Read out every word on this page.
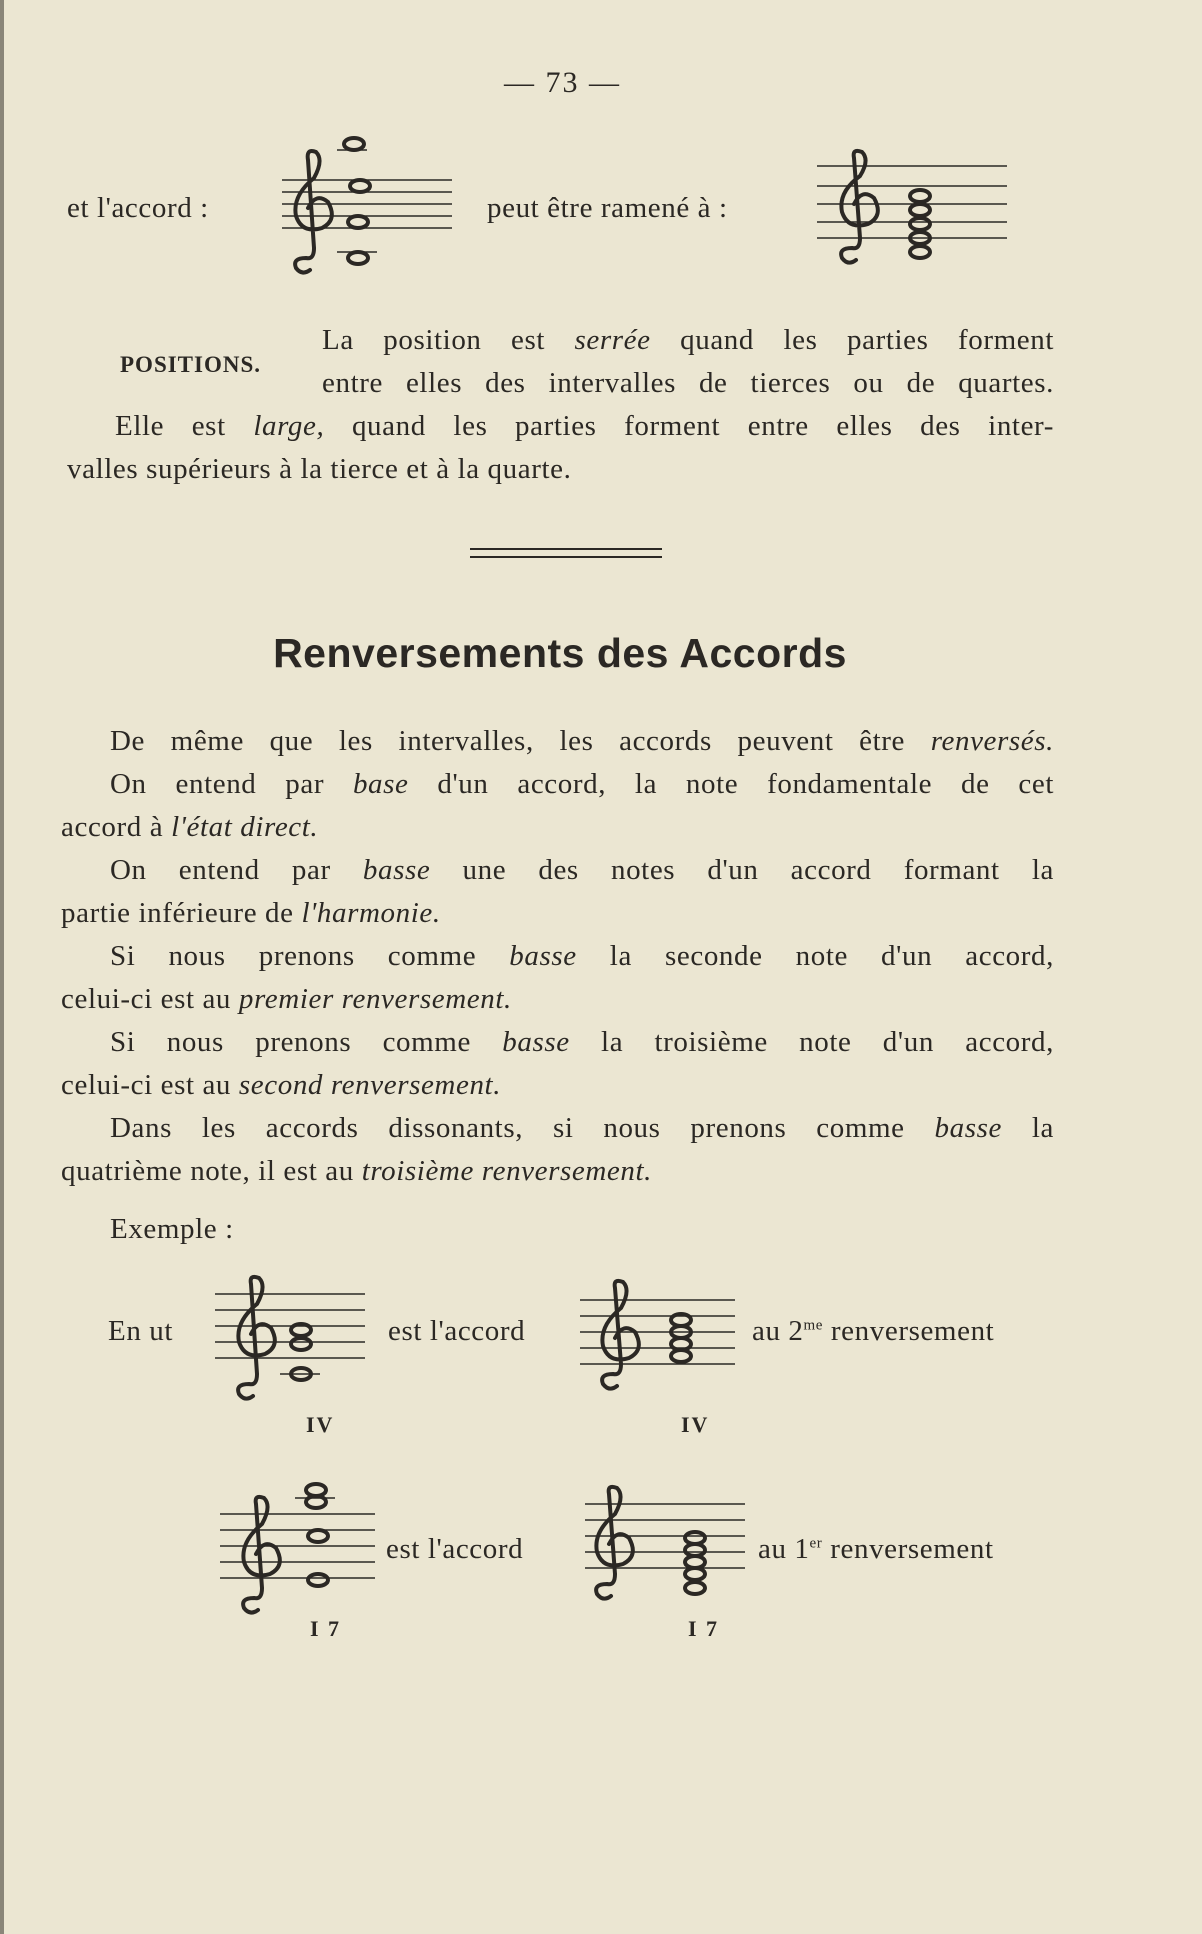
— 73 —
et l'accord :	peut être ramené à :
POSITIONS.
La position est serrée quand les parties forment
entre elles des intervalles de tierces ou de quartes.
Elle est large, quand les parties forment entre elles des inter-
valles supérieurs à la tierce et à la quarte.
Renversements des Accords
De même que les intervalles, les accords peuvent être renversés.
On entend par base d'un accord, la note fondamentale de cet
accord à l'état direct.
On entend par basse une des notes d'un accord formant la
partie inférieure de l'harmonie.
Si nous prenons comme basse la seconde note d'un accord,
celui-ci est au premier renversement.
Si nous prenons comme basse la troisième note d'un accord,
celui-ci est au second renversement.
Dans les accords dissonants, si nous prenons comme basse la
quatrième note, il est au troisième renversement.
Exemple :
En ut
IV
est l'accord
IV
au $2^{me}$ renversement
I 7
est l'accord
I 7
au 1er renversement
